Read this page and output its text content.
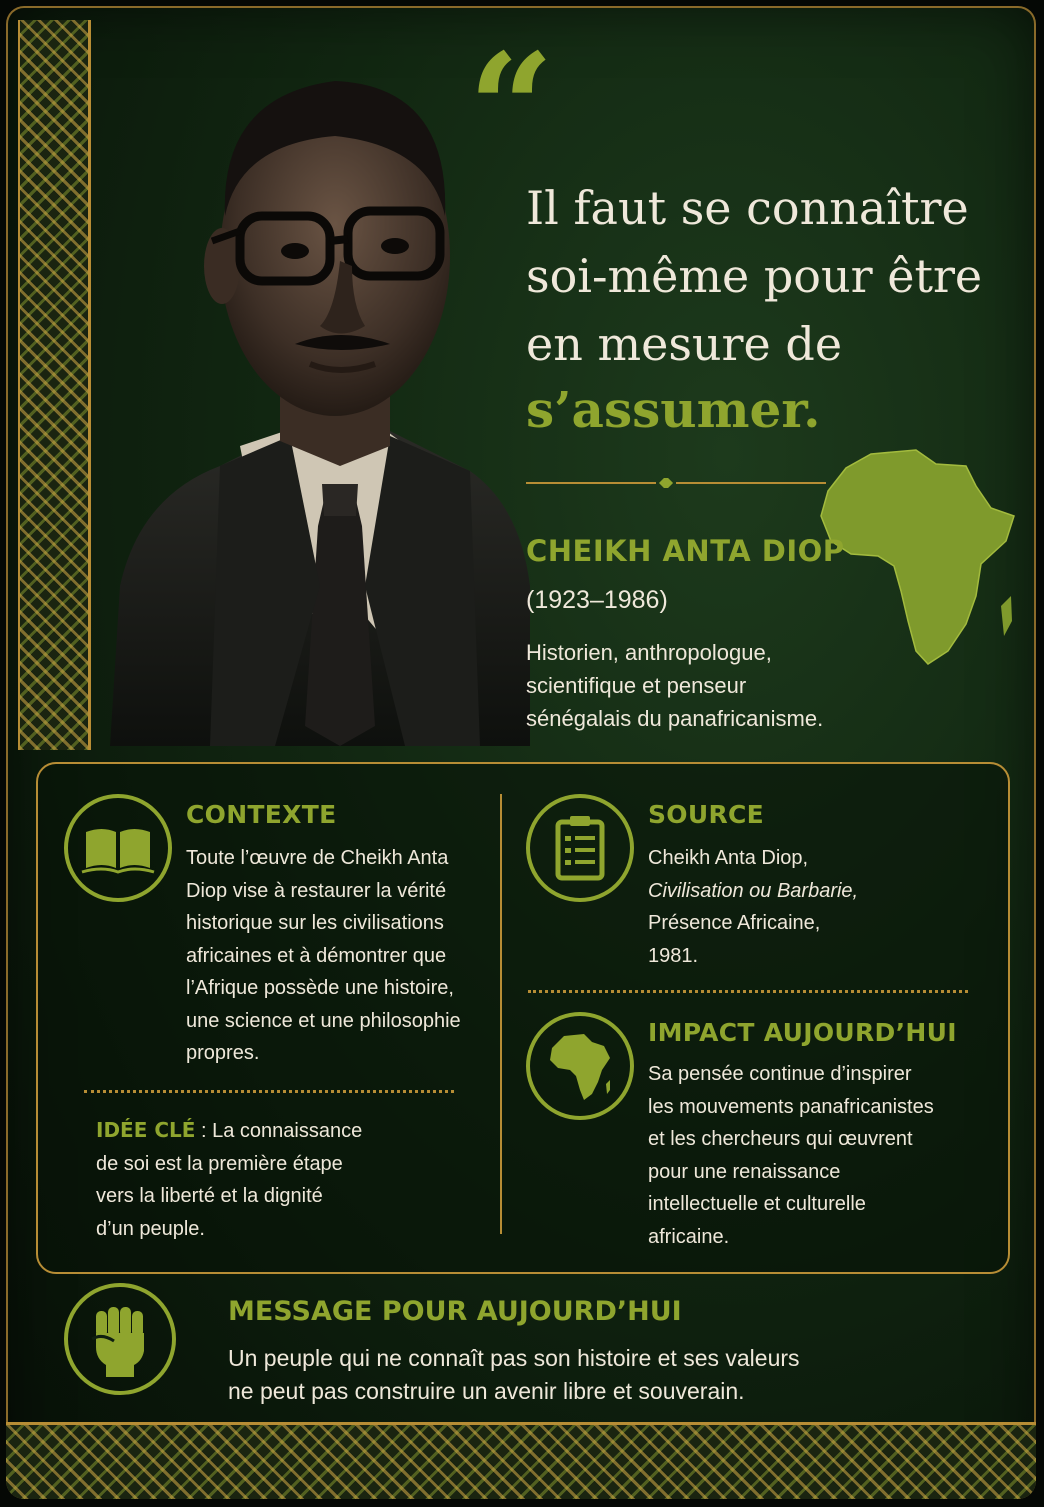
“
Il faut se connaître
soi-même pour être
en mesure de
s’assumer.
CHEIKH ANTA DIOP
(1923–1986)
Historien, anthropologue,
scientifique et penseur
sénégalais du panafricanisme.
CONTEXTE
Toute l’œuvre de Cheikh Anta
Diop vise à restaurer la vérité
historique sur les civilisations
africaines et à démontrer que
l’Afrique possède une histoire,
une science et une philosophie
propres.
IDÉE CLÉ : La connaissance
de soi est la première étape
vers la liberté et la dignité
d’un peuple.
SOURCE
Cheikh Anta Diop,
Civilisation ou Barbarie,
Présence Africaine,
1981.
IMPACT AUJOURD’HUI
Sa pensée continue d’inspirer
les mouvements panafricanistes
et les chercheurs qui œuvrent
pour une renaissance
intellectuelle et culturelle
africaine.
MESSAGE POUR AUJOURD’HUI
Un peuple qui ne connaît pas son histoire et ses valeurs
ne peut pas construire un avenir libre et souverain.
